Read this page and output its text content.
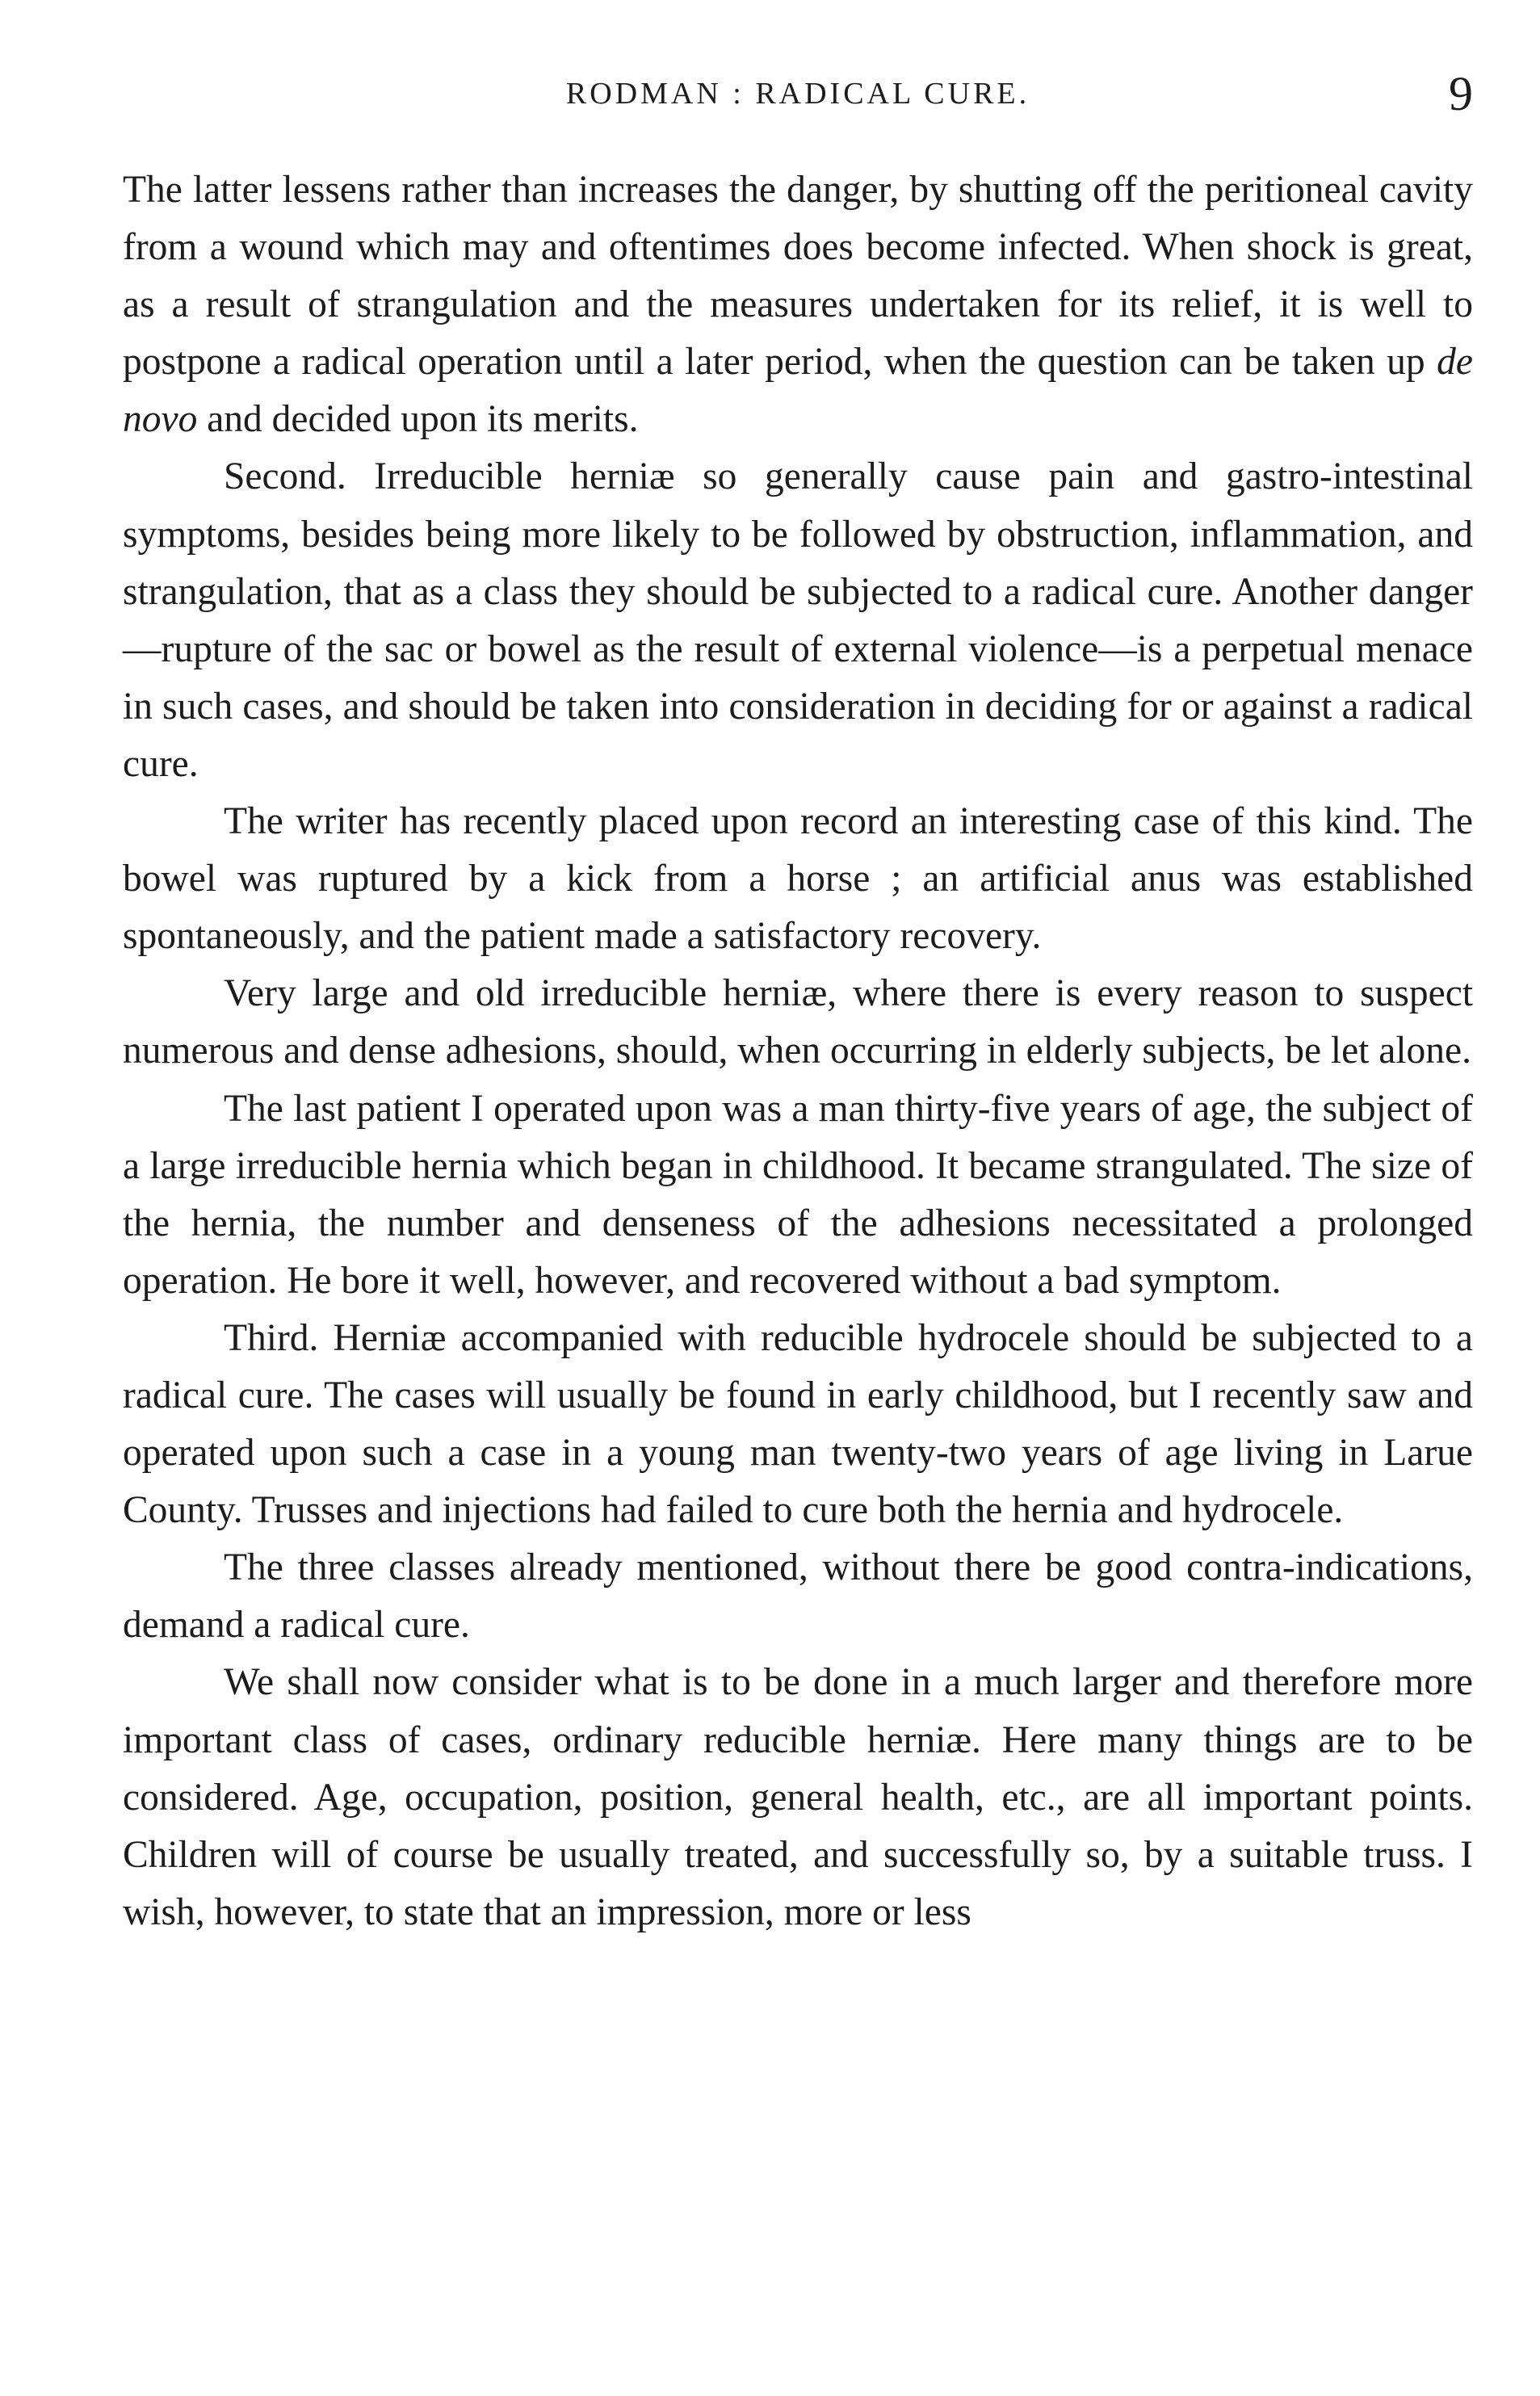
RODMAN : RADICAL CURE.	9

The latter lessens rather than increases the danger, by shutting off the peritioneal cavity from a wound which may and oftentimes does become infected. When shock is great, as a result of strangulation and the measures undertaken for its relief, it is well to postpone a radical operation until a later period, when the question can be taken up de novo and decided upon its merits.

Second. Irreducible herniæ so generally cause pain and gastro-intestinal symptoms, besides being more likely to be followed by obstruction, inflammation, and strangulation, that as a class they should be subjected to a radical cure. Another danger—rupture of the sac or bowel as the result of external violence—is a perpetual menace in such cases, and should be taken into consideration in deciding for or against a radical cure.

The writer has recently placed upon record an interesting case of this kind. The bowel was ruptured by a kick from a horse ; an artificial anus was established spontaneously, and the patient made a satisfactory recovery.

Very large and old irreducible herniæ, where there is every reason to suspect numerous and dense adhesions, should, when occurring in elderly subjects, be let alone.

The last patient I operated upon was a man thirty-five years of age, the subject of a large irreducible hernia which began in childhood. It became strangulated. The size of the hernia, the number and denseness of the adhesions necessitated a prolonged operation. He bore it well, however, and recovered without a bad symptom.

Third. Herniæ accompanied with reducible hydrocele should be subjected to a radical cure. The cases will usually be found in early childhood, but I recently saw and operated upon such a case in a young man twenty-two years of age living in Larue County. Trusses and injections had failed to cure both the hernia and hydrocele.

The three classes already mentioned, without there be good contra-indications, demand a radical cure.

We shall now consider what is to be done in a much larger and therefore more important class of cases, ordinary reducible herniæ. Here many things are to be considered. Age, occupation, position, general health, etc., are all important points. Children will of course be usually treated, and successfully so, by a suitable truss. I wish, however, to state that an impression, more or less
